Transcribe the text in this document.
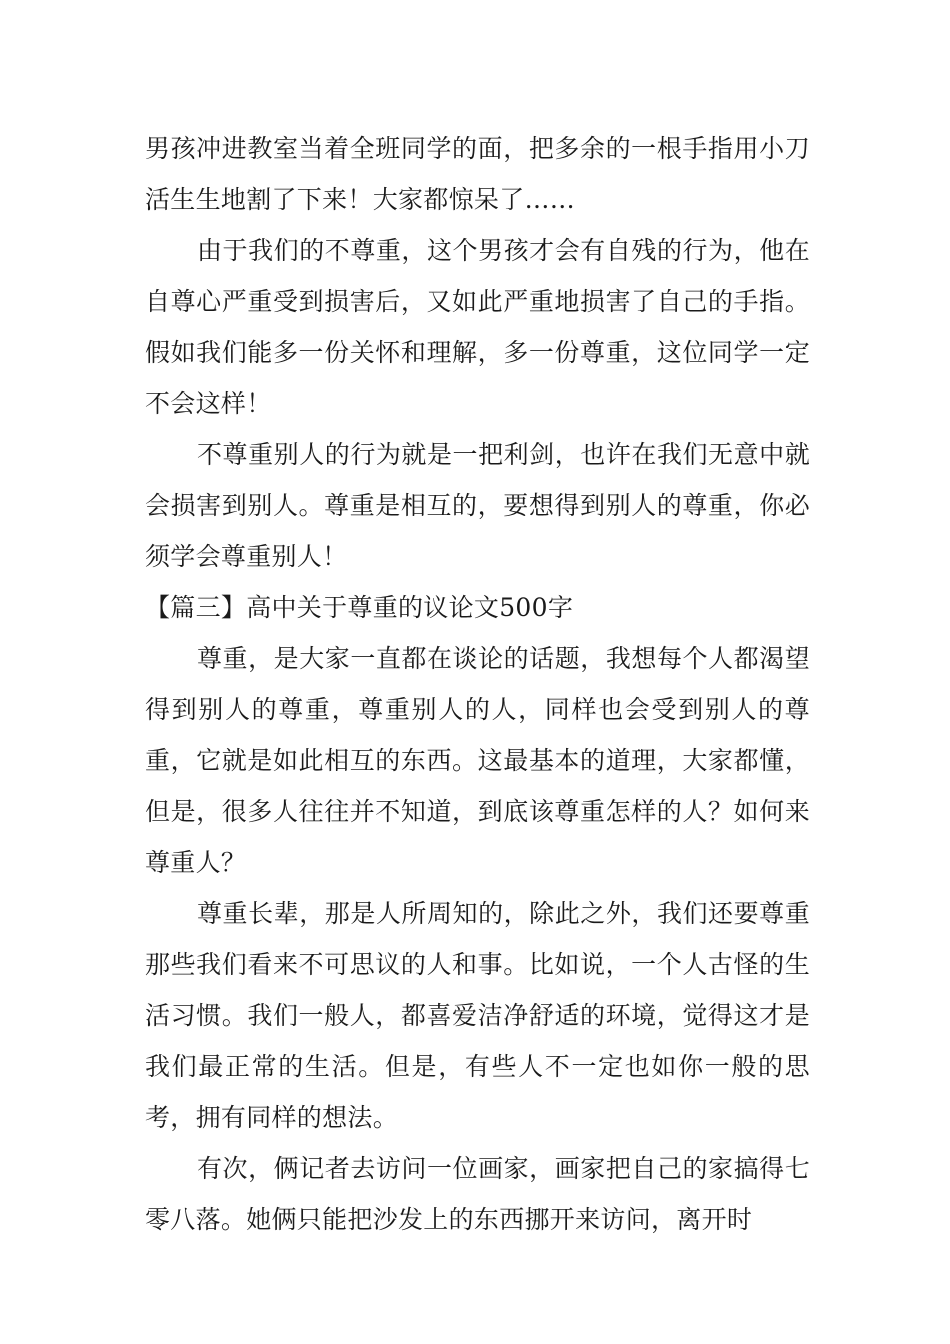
男孩冲进教室当着全班同学的面，把多余的一根手指用小刀活生生地割了下来！大家都惊呆了……

由于我们的不尊重，这个男孩才会有自残的行为，他在自尊心严重受到损害后，又如此严重地损害了自己的手指。假如我们能多一份关怀和理解，多一份尊重，这位同学一定不会这样！

不尊重别人的行为就是一把利剑，也许在我们无意中就会损害到别人。尊重是相互的，要想得到别人的尊重，你必须学会尊重别人！

【篇三】高中关于尊重的议论文500字

尊重，是大家一直都在谈论的话题，我想每个人都渴望得到别人的尊重，尊重别人的人，同样也会受到别人的尊重，它就是如此相互的东西。这最基本的道理，大家都懂，但是，很多人往往并不知道，到底该尊重怎样的人？如何来尊重人？

尊重长辈，那是人所周知的，除此之外，我们还要尊重那些我们看来不可思议的人和事。比如说，一个人古怪的生活习惯。我们一般人，都喜爱洁净舒适的环境，觉得这才是我们最正常的生活。但是，有些人不一定也如你一般的思考，拥有同样的想法。

有次，俩记者去访问一位画家，画家把自己的家搞得七零八落。她俩只能把沙发上的东西挪开来访问，离开时
